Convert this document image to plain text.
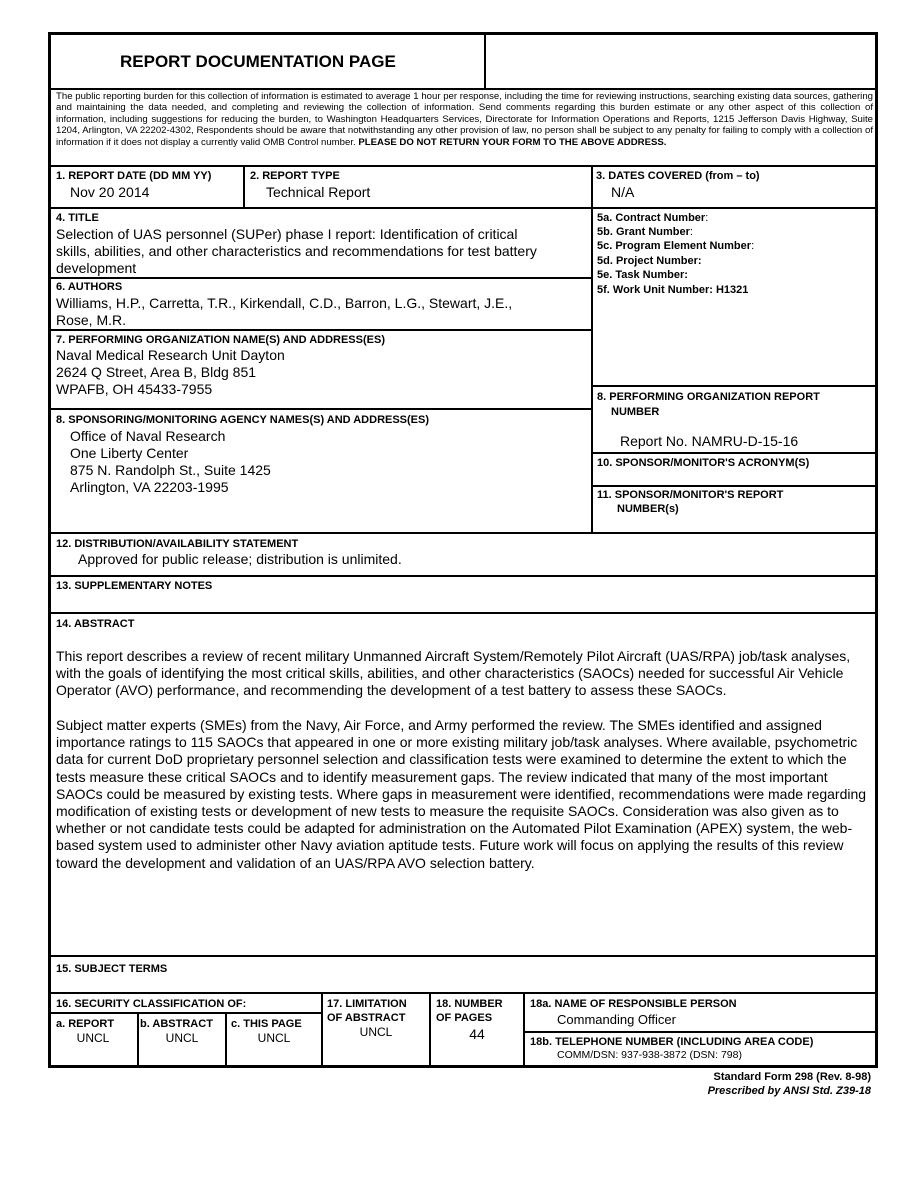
REPORT DOCUMENTATION PAGE
The public reporting burden for this collection of information is estimated to average 1 hour per response, including the time for reviewing instructions, searching existing data sources, gathering and maintaining the data needed, and completing and reviewing the collection of information. Send comments regarding this burden estimate or any other aspect of this collection of information, including suggestions for reducing the burden, to Washington Headquarters Services, Directorate for Information Operations and Reports, 1215 Jefferson Davis Highway, Suite 1204, Arlington, VA 22202-4302, Respondents should be aware that notwithstanding any other provision of law, no person shall be subject to any penalty for failing to comply with a collection of information if it does not display a currently valid OMB Control number. PLEASE DO NOT RETURN YOUR FORM TO THE ABOVE ADDRESS.
1. REPORT DATE (DD MM YY)
Nov 20 2014
2. REPORT TYPE
Technical Report
3. DATES COVERED (from – to)
N/A
4. TITLE
Selection of UAS personnel (SUPer) phase I report: Identification of critical
skills, abilities, and other characteristics and recommendations for test battery
development
5a. Contract Number:
5b. Grant Number:
5c. Program Element Number:
5d. Project Number:
5e. Task Number:
5f. Work Unit Number: H1321
6. AUTHORS
Williams, H.P., Carretta, T.R., Kirkendall, C.D., Barron, L.G., Stewart, J.E.,
Rose, M.R.
7. PERFORMING ORGANIZATION NAME(S) AND ADDRESS(ES)
Naval Medical Research Unit Dayton
2624 Q Street, Area B, Bldg 851
WPAFB, OH 45433-7955	8. PERFORMING ORGANIZATION REPORT
NUMBER
Report No. NAMRU-D-15-16
8. SPONSORING/MONITORING AGENCY NAMES(S) AND ADDRESS(ES)
Office of Naval Research
One Liberty Center
875 N. Randolph St., Suite 1425
Arlington, VA 22203-1995
10. SPONSOR/MONITOR'S ACRONYM(S)
11. SPONSOR/MONITOR'S REPORT
NUMBER(s)
12. DISTRIBUTION/AVAILABILITY STATEMENT
Approved for public release; distribution is unlimited.
13. SUPPLEMENTARY NOTES
14. ABSTRACT
This report describes a review of recent military Unmanned Aircraft System/Remotely Pilot Aircraft (UAS/RPA) job/task analyses, with the goals of identifying the most critical skills, abilities, and other characteristics (SAOCs) needed for successful Air Vehicle Operator (AVO) performance, and recommending the development of a test battery to assess these SAOCs.
Subject matter experts (SMEs) from the Navy, Air Force, and Army performed the review. The SMEs identified and assigned importance ratings to 115 SAOCs that appeared in one or more existing military job/task analyses. Where available, psychometric data for current DoD proprietary personnel selection and classification tests were examined to determine the extent to which the tests measure these critical SAOCs and to identify measurement gaps. The review indicated that many of the most important SAOCs could be measured by existing tests. Where gaps in measurement were identified, recommendations were made regarding modification of existing tests or development of new tests to measure the requisite SAOCs. Consideration was also given as to whether or not candidate tests could be adapted for administration on the Automated Pilot Examination (APEX) system, the web-based system used to administer other Navy aviation aptitude tests. Future work will focus on applying the results of this review toward the development and validation of an UAS/RPA AVO selection battery.
15. SUBJECT TERMS
16. SECURITY CLASSIFICATION OF:
a. REPORT
UNCL
b. ABSTRACT
UNCL
c. THIS PAGE
UNCL
17. LIMITATION
OF ABSTRACT
UNCL
18. NUMBER
OF PAGES
44
18a. NAME OF RESPONSIBLE PERSON
Commanding Officer
18b. TELEPHONE NUMBER (INCLUDING AREA CODE)
COMM/DSN: 937-938-3872 (DSN: 798)
Standard Form 298 (Rev. 8-98)
Prescribed by ANSI Std. Z39-18
